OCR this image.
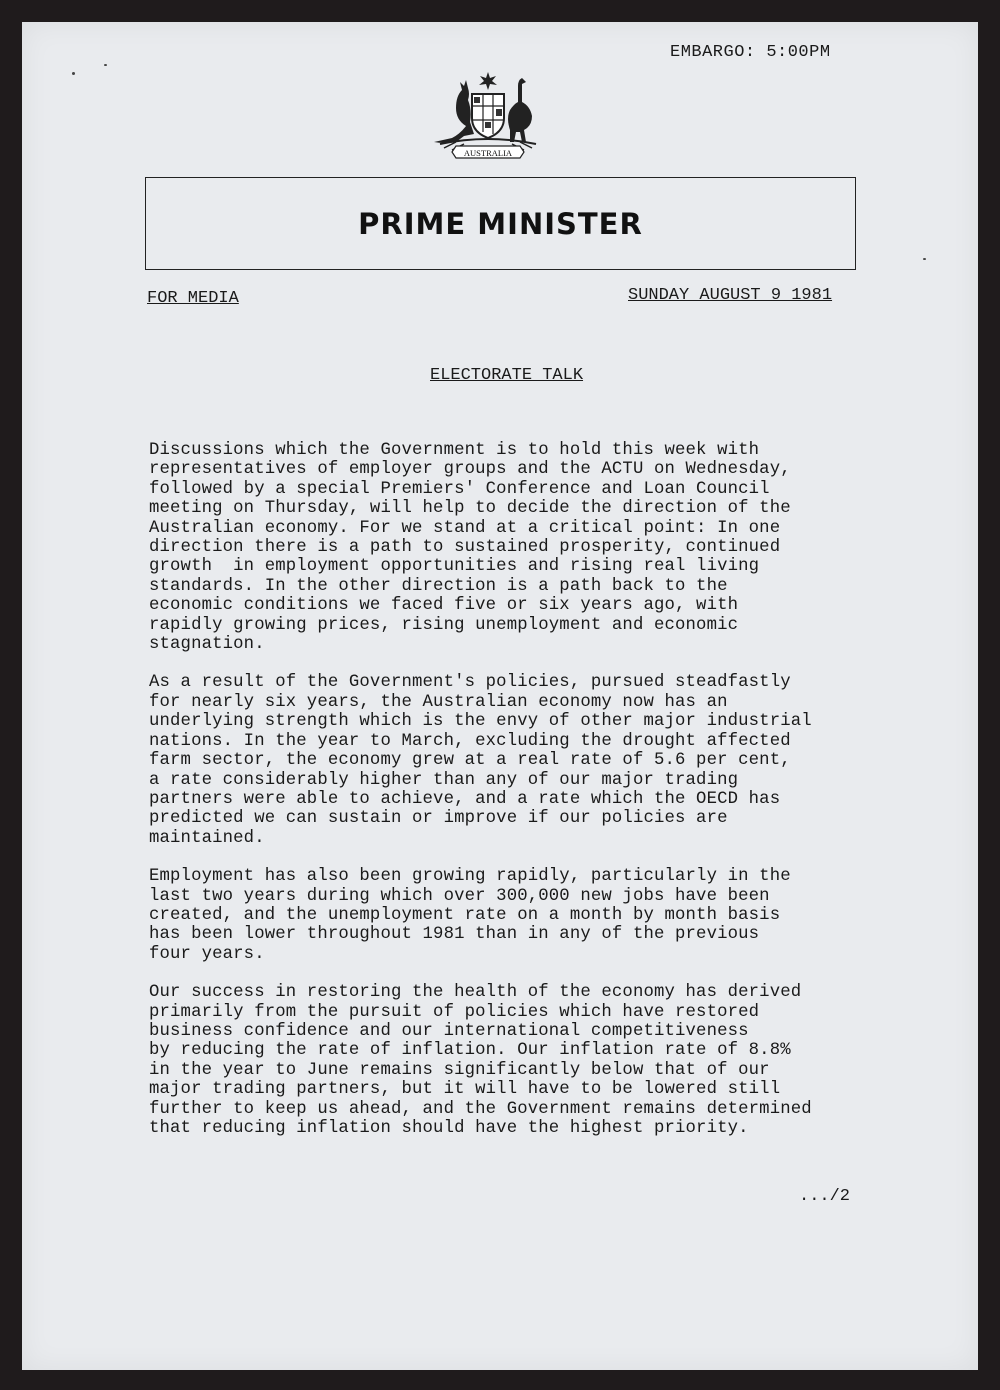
EMBARGO: 5:00PM
AUSTRALIA
PRIME MINISTER
FOR MEDIA	SUNDAY AUGUST 9 1981
ELECTORATE TALK
Discussions which the Government is to hold this week with
representatives of employer groups and the ACTU on Wednesday,
followed by a special Premiers' Conference and Loan Council
meeting on Thursday, will help to decide the direction of the
Australian economy. For we stand at a critical point: In one
direction there is a path to sustained prosperity, continued
growth  in employment opportunities and rising real living
standards. In the other direction is a path back to the
economic conditions we faced five or six years ago, with
rapidly growing prices, rising unemployment and economic
stagnation.
As a result of the Government's policies, pursued steadfastly
for nearly six years, the Australian economy now has an
underlying strength which is the envy of other major industrial
nations. In the year to March, excluding the drought affected
farm sector, the economy grew at a real rate of 5.6 per cent,
a rate considerably higher than any of our major trading
partners were able to achieve, and a rate which the OECD has
predicted we can sustain or improve if our policies are
maintained.
Employment has also been growing rapidly, particularly in the
last two years during which over 300,000 new jobs have been
created, and the unemployment rate on a month by month basis
has been lower throughout 1981 than in any of the previous
four years.
Our success in restoring the health of the economy has derived
primarily from the pursuit of policies which have restored
business confidence and our international competitiveness
by reducing the rate of inflation. Our inflation rate of 8.8%
in the year to June remains significantly below that of our
major trading partners, but it will have to be lowered still
further to keep us ahead, and the Government remains determined
that reducing inflation should have the highest priority.
.../2
